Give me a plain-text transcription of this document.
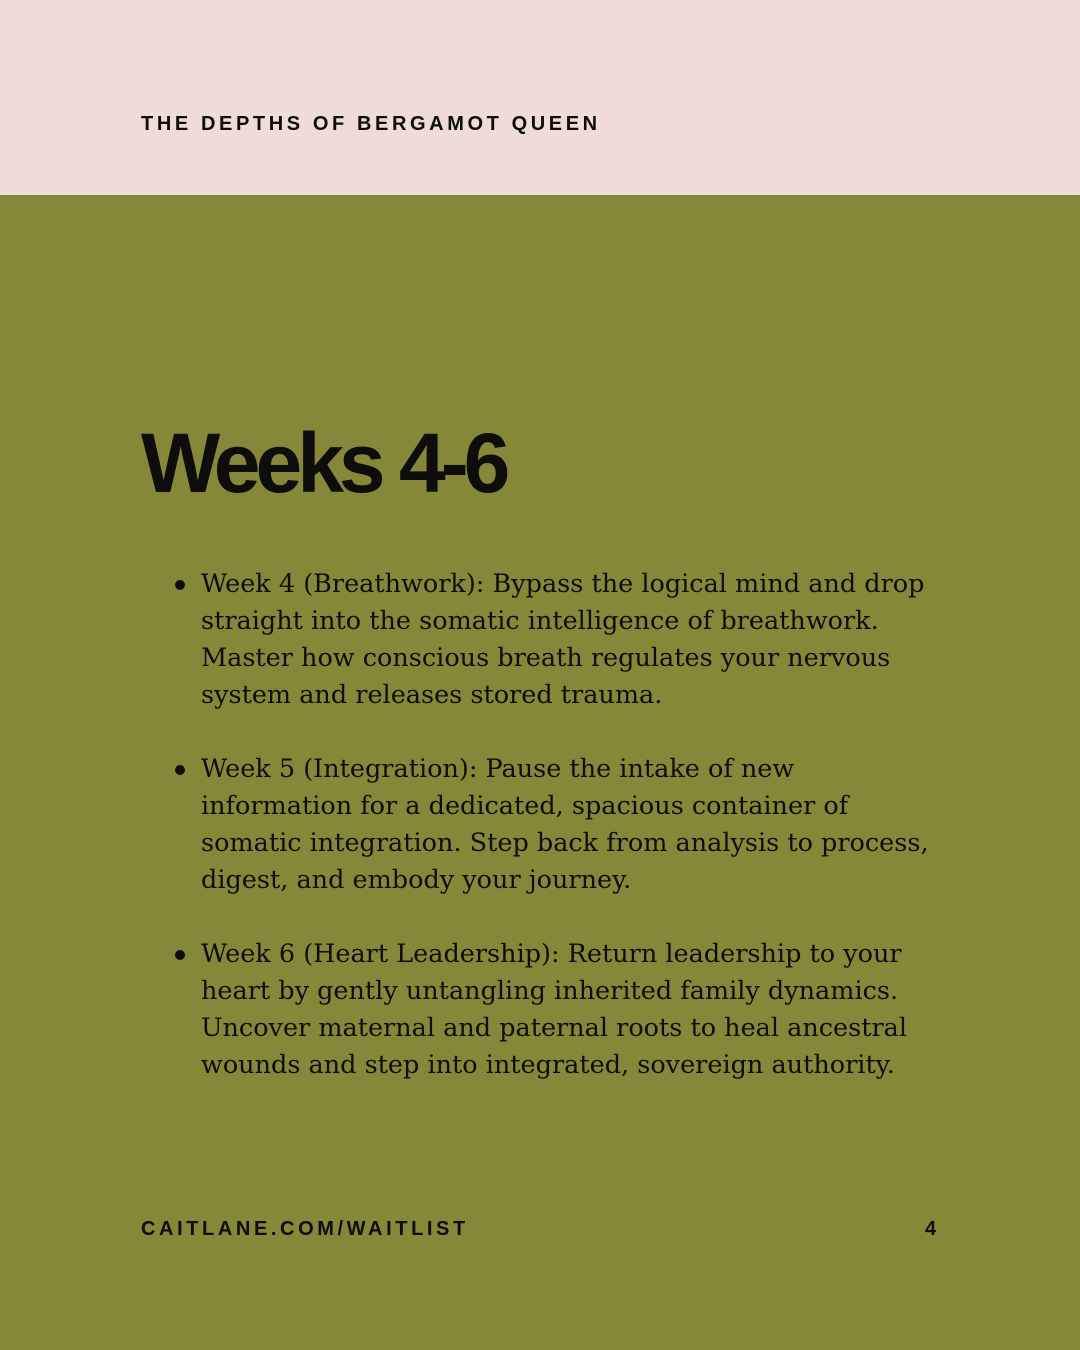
THE DEPTHS OF BERGAMOT QUEEN
Weeks 4-6
Week 4 (Breathwork): Bypass the logical mind and drop straight into the somatic intelligence of breathwork. Master how conscious breath regulates your nervous system and releases stored trauma.
Week 5 (Integration): Pause the intake of new information for a dedicated, spacious container of somatic integration. Step back from analysis to process, digest, and embody your journey.
Week 6 (Heart Leadership): Return leadership to your heart by gently untangling inherited family dynamics. Uncover maternal and paternal roots to heal ancestral wounds and step into integrated, sovereign authority.
CAITLANE.COM/WAITLIST	4
